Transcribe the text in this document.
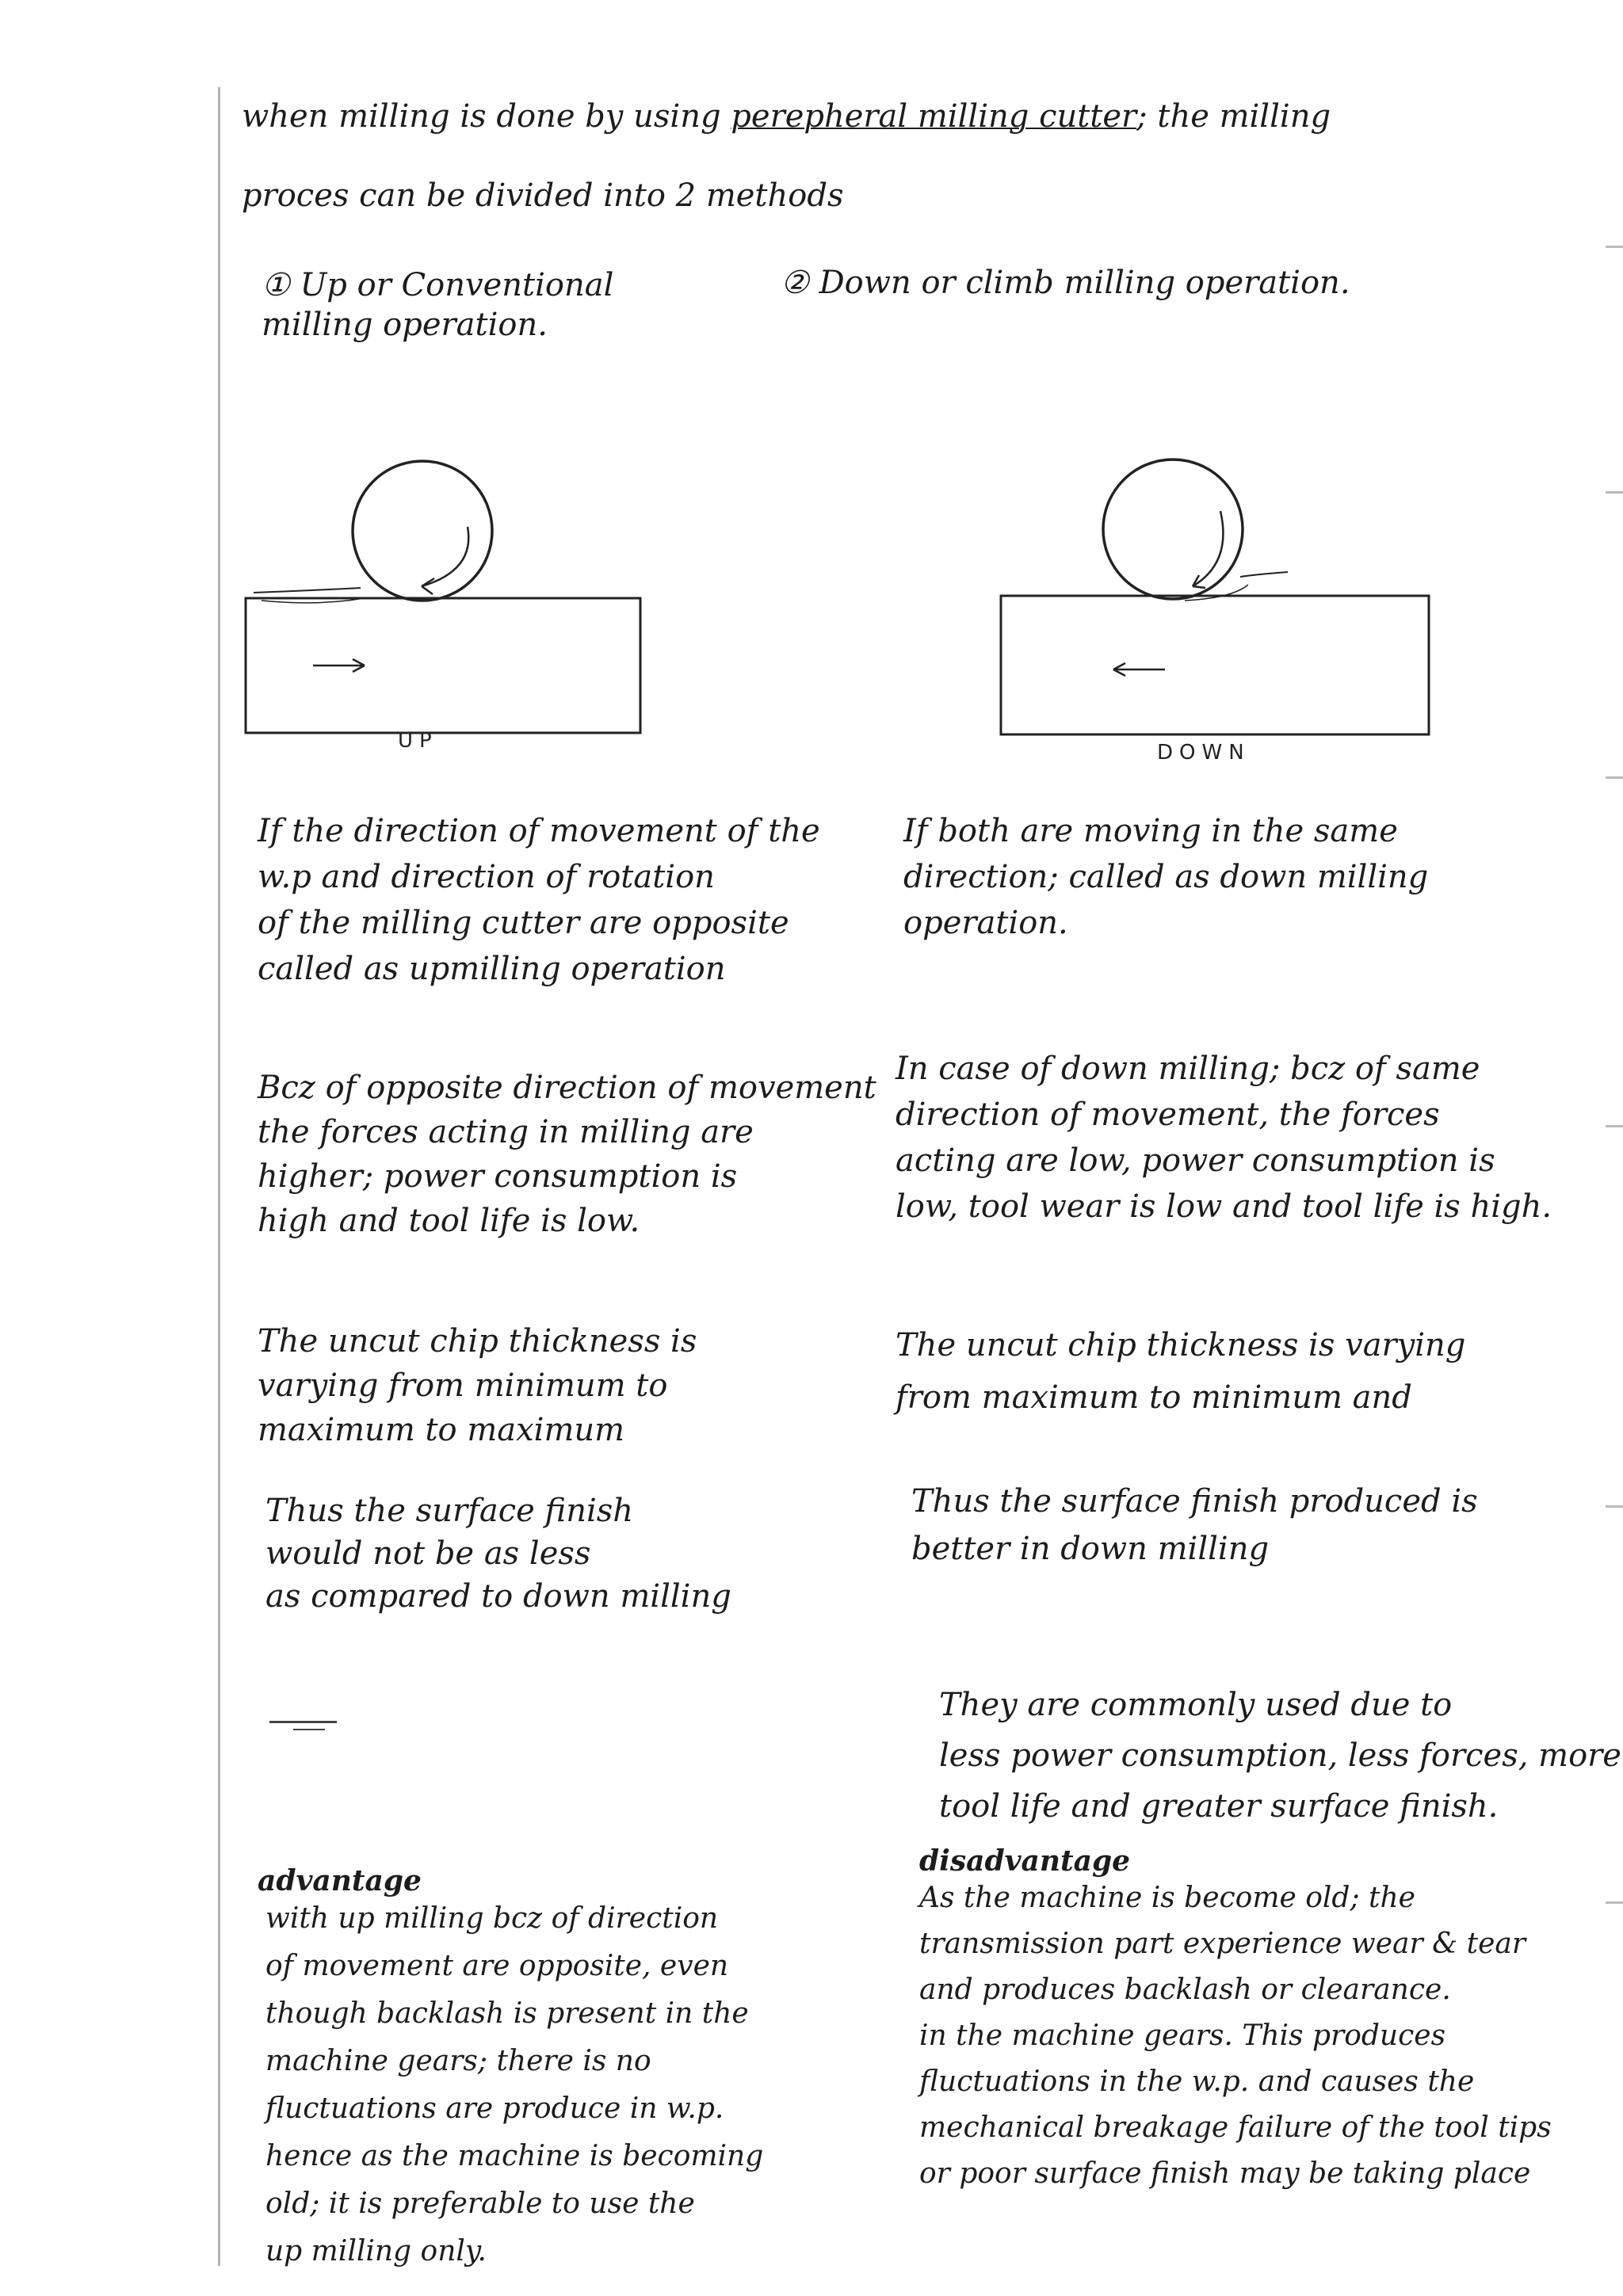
when milling is done by using perepheral milling cutter; the milling
proces can be divided into 2 methods
① Up or Conventional
milling operation.
② Down or climb milling operation.
UP	DOWN
If the direction of movement of the
w.p and direction of rotation
of the milling cutter are opposite
called as upmilling operation
Bcz of opposite direction of movement
the forces acting in milling are
higher; power consumption is
high and tool life is low.
The uncut chip thickness is
varying from minimum to
maximum to maximum
Thus the surface finish
would not be as less
as compared to down milling
advantage
with up milling bcz of direction
of movement are opposite, even
though backlash is present in the
machine gears; there is no
fluctuations are produce in w.p.
hence as the machine is becoming
old; it is preferable to use the
up milling only.
If both are moving in the same
direction; called as down milling
operation.
In case of down milling; bcz of same
direction of movement, the forces
acting are low, power consumption is
low, tool wear is low and tool life is high.
The uncut chip thickness is varying
from maximum to minimum and
Thus the surface finish produced is
better in down milling
They are commonly used due to
less power consumption, less forces, more
tool life and greater surface finish.
disadvantage
As the machine is become old; the
transmission part experience wear & tear
and produces backlash or clearance.
in the machine gears. This produces
fluctuations in the w.p. and causes the
mechanical breakage failure of the tool tips
or poor surface finish may be taking place
